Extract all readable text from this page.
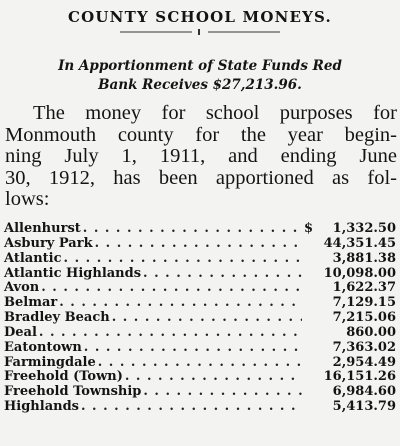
COUNTY SCHOOL MONEYS.
In Apportionment of State Funds Red
Bank Receives $27,213.96.
The money for school purposes for
Monmouth county for the year begin-
ning July 1, 1911, and ending June
30, 1912, has been apportioned as fol-
lows:
Allenhurst . . .	$	1,332.50
Asbury Park . . .	44,351.45
Atlantic . . .	3,881.38
Atlantic Highlands . . .	10,098.00
Avon . . .	1,622.37
Belmar . . .	7,129.15
Bradley Beach . . .	7,215.06
Deal . . .	860.00
Eatontown . . .	7,363.02
Farmingdale . . .	2,954.49
Freehold (Town) . . .	16,151.26
Freehold Township . . .	6,984.60
Highlands . . .	5,413.79
